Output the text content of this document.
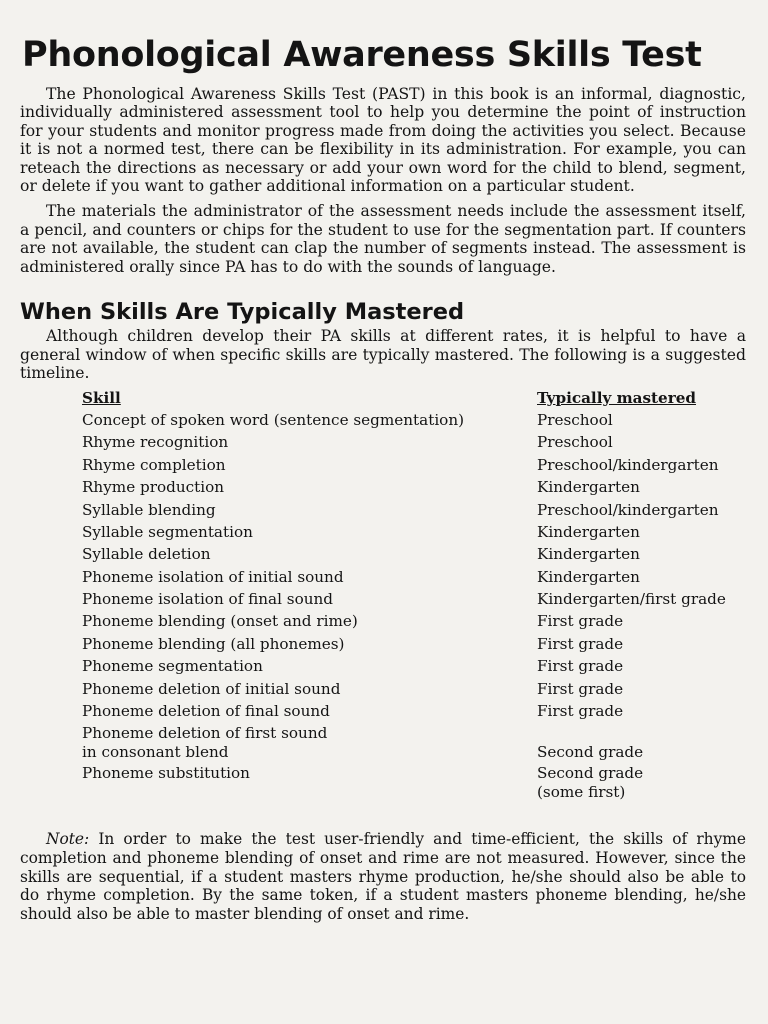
Phonological Awareness Skills Test

The Phonological Awareness Skills Test (PAST) in this book is an informal, diagnostic, individually administered assessment tool to help you determine the point of instruction for your students and monitor progress made from doing the activities you select. Because it is not a normed test, there can be flexibility in its administration. For example, you can reteach the directions as necessary or add your own word for the child to blend, segment, or delete if you want to gather additional information on a particular student.

The materials the administrator of the assessment needs include the assessment itself, a pencil, and counters or chips for the student to use for the segmentation part. If counters are not available, the student can clap the number of segments instead. The assessment is administered orally since PA has to do with the sounds of language.

When Skills Are Typically Mastered

Although children develop their PA skills at different rates, it is helpful to have a general window of when specific skills are typically mastered. The following is a suggested timeline.

Skill	Typically mastered
Concept of spoken word (sentence segmentation)	Preschool
Rhyme recognition	Preschool
Rhyme completion	Preschool/kindergarten
Rhyme production	Kindergarten
Syllable blending	Preschool/kindergarten
Syllable segmentation	Kindergarten
Syllable deletion	Kindergarten
Phoneme isolation of initial sound	Kindergarten
Phoneme isolation of final sound	Kindergarten/first grade
Phoneme blending (onset and rime)	First grade
Phoneme blending (all phonemes)	First grade
Phoneme segmentation	First grade
Phoneme deletion of initial sound	First grade
Phoneme deletion of final sound	First grade
Phoneme deletion of first sound
in consonant blend	Second grade
Phoneme substitution	Second grade
(some first)

Note: In order to make the test user-friendly and time-efficient, the skills of rhyme completion and phoneme blending of onset and rime are not measured. However, since the skills are sequential, if a student masters rhyme production, he/she should also be able to do rhyme completion. By the same token, if a student masters phoneme blending, he/she should also be able to master blending of onset and rime.
